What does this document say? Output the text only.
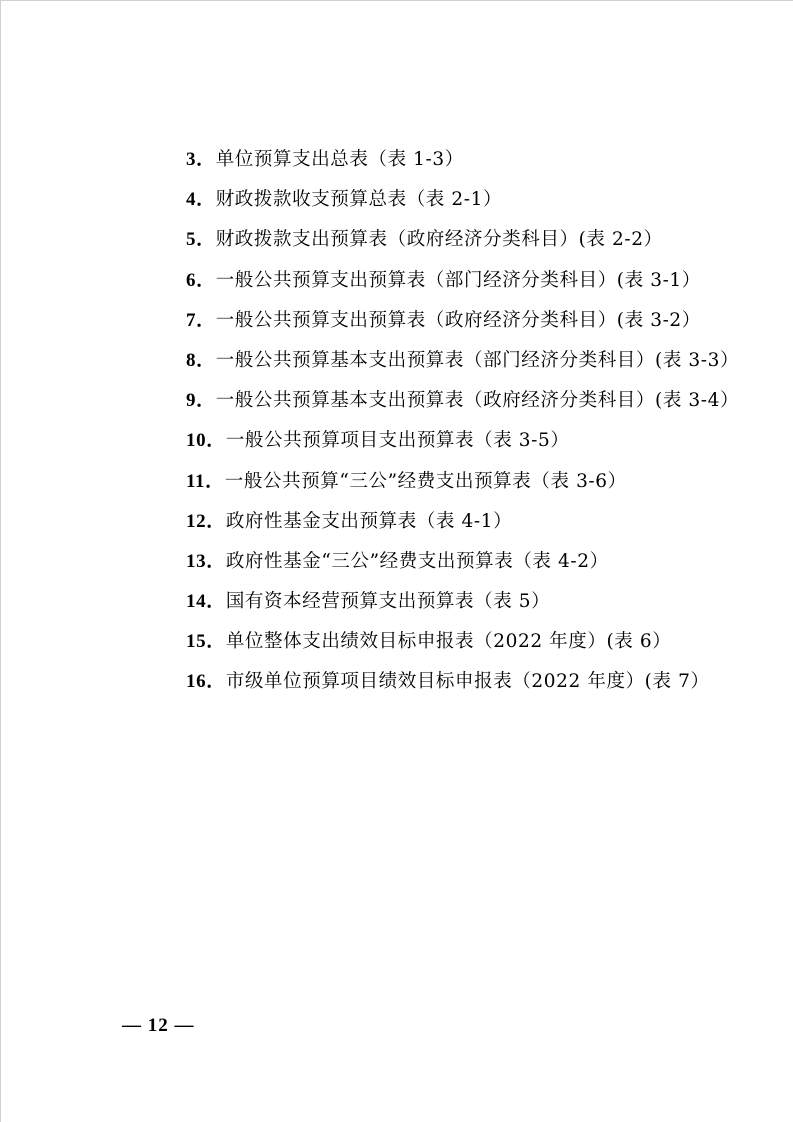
3．单位预算支出总表（表 1-3）
4．财政拨款收支预算总表（表 2-1）
5．财政拨款支出预算表（政府经济分类科目）(表 2-2）
6．一般公共预算支出预算表（部门经济分类科目）(表 3-1）
7．一般公共预算支出预算表（政府经济分类科目）(表 3-2）
8．一般公共预算基本支出预算表（部门经济分类科目）(表 3-3）
9．一般公共预算基本支出预算表（政府经济分类科目）(表 3-4）
10．一般公共预算项目支出预算表（表 3-5）
11．一般公共预算“三公”经费支出预算表（表 3-6）
12．政府性基金支出预算表（表 4-1）
13．政府性基金“三公”经费支出预算表（表 4-2）
14．国有资本经营预算支出预算表（表 5）
15．单位整体支出绩效目标申报表（2022 年度）(表 6）
16．市级单位预算项目绩效目标申报表（2022 年度）(表 7）
— 12 —
